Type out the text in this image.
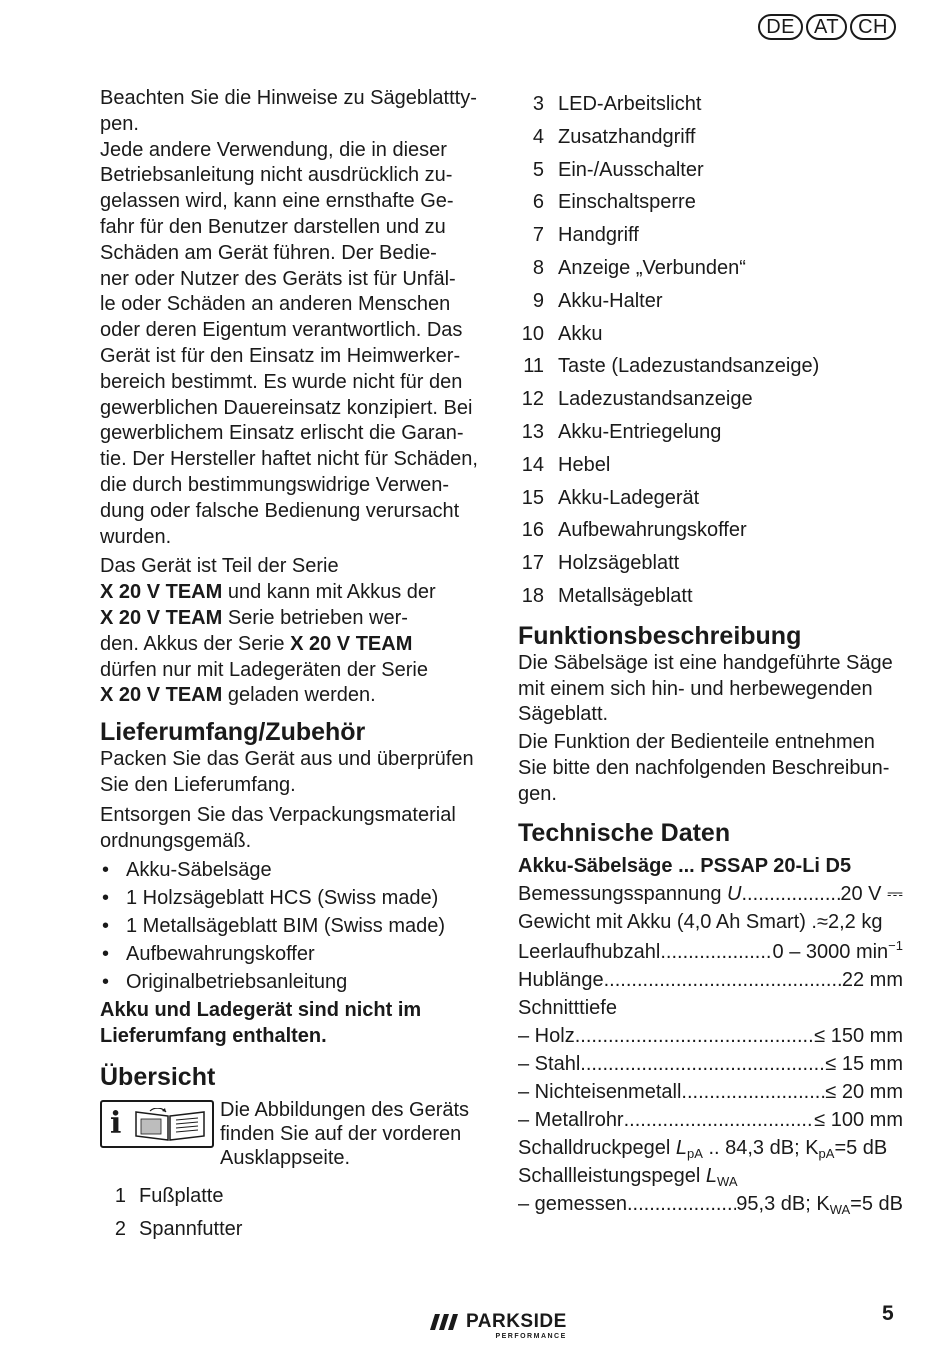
DE AT CH

Beachten Sie die Hinweise zu Sägeblattty-

pen.

Jede andere Verwendung, die in dieser

Betriebsanleitung nicht ausdrücklich zu-

gelassen wird, kann eine ernsthafte Ge-

fahr für den Benutzer darstellen und zu

Schäden am Gerät führen. Der Bedie-

ner oder Nutzer des Geräts ist für Unfäl-

le oder Schäden an anderen Menschen

oder deren Eigentum verantwortlich. Das

Gerät ist für den Einsatz im Heimwerker-

bereich bestimmt. Es wurde nicht für den

gewerblichen Dauereinsatz konzipiert. Bei

gewerblichem Einsatz erlischt die Garan-

tie. Der Hersteller haftet nicht für Schäden,

die durch bestimmungswidrige Verwen-

dung oder falsche Bedienung verursacht

wurden.

Das Gerät ist Teil der Serie

X 20 V TEAM und kann mit Akkus der

X 20 V TEAM Serie betrieben wer-

den. Akkus der Serie X 20 V TEAM

dürfen nur mit Ladegeräten der Serie

X 20 V TEAM geladen werden.

Lieferumfang/Zubehör

Packen Sie das Gerät aus und überprüfen

Sie den Lieferumfang.

Entsorgen Sie das Verpackungsmaterial

ordnungsgemäß.

• Akku-Säbelsäge
• 1 Holzsägeblatt HCS (Swiss made)
• 1 Metallsägeblatt BIM (Swiss made)
• Aufbewahrungskoffer
• Originalbetriebsanleitung

Akku und Ladegerät sind nicht im

Lieferumfang enthalten.

Übersicht
i	Die Abbildungen des Geräts
finden Sie auf der vorderen
Ausklappseite.
1 Fußplatte
2 Spannfutter
3 LED-Arbeitslicht
4 Zusatzhandgriff
5 Ein-/Ausschalter
6 Einschaltsperre
7 Handgriff
8 Anzeige „Verbunden“
9 Akku-Halter
10 Akku
11 Taste (Ladezustandsanzeige)
12 Ladezustandsanzeige
13 Akku-Entriegelung
14 Hebel
15 Akku-Ladegerät
16 Aufbewahrungskoffer
17 Holzsägeblatt
18 Metallsägeblatt
Funktionsbeschreibung

Die Säbelsäge ist eine handgeführte Säge

mit einem sich hin- und herbewegenden

Sägeblatt.

Die Funktion der Bedienteile entnehmen

Sie bitte den nachfolgenden Beschreibun-

gen.

Technische Daten
Akku-Säbelsäge ... PSSAP 20-Li D5
Bemessungsspannung U .....	20 V ⎓
Gewicht mit Akku (4,0 Ah Smart) .≈2,2 kg
Leerlaufhubzahl .....	0 – 3000 $\min^{-1}$
Hublänge .....	22 mm
Schnitttiefe
– Holz .....	≤ 150 mm
– Stahl .....	≤ 15 mm
– Nichteisenmetall .....	≤ 20 mm
– Metallrohr .....	≤ 100 mm
Schalldruckpegel $L_{pA}$ .. 84,3 dB; $K_{pA}=5$ dB
Schallleistungspegel $L_{WA}$
– gemessen .....	95,3 dB; $K_{WA}=5$ dB
PARKSIDE
PERFORMANCE
5
